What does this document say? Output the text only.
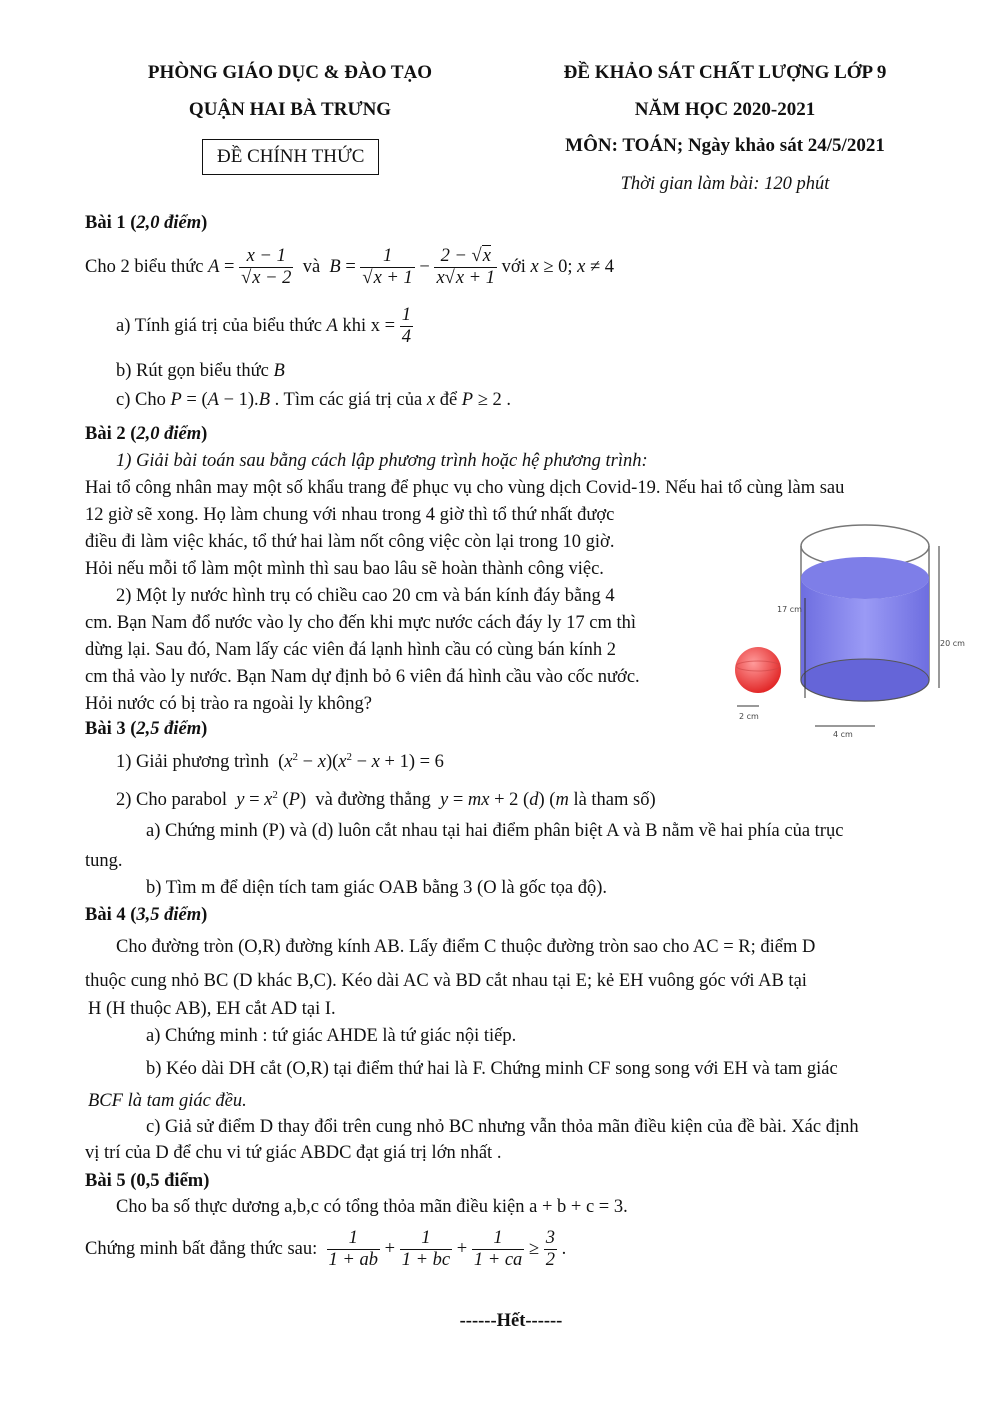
PHÒNG GIÁO DỤC & ĐÀO TẠO
QUẬN HAI BÀ TRƯNG
ĐỀ CHÍNH THỨC
ĐỀ KHẢO SÁT CHẤT LƯỢNG LỚP 9
NĂM HỌC 2020-2021
MÔN: TOÁN; Ngày khảo sát 24/5/2021
Thời gian làm bài: 120 phút
Bài 1 (2,0 điểm)
Cho 2 biểu thức $A = \frac{x - 1}{√x - 2}$ và $B = \frac{1}{√x + 1} - \frac{2 - √x}{x√x + 1}$ với x ≥ 0; x ≠ 4
a) Tính giá trị của biểu thức A khi $x = \frac{1}{4}$
b) Rút gọn biểu thức B
c) Cho P = (A − 1).B . Tìm các giá trị của x để P ≥ 2 .
Bài 2 (2,0 điểm)
1) Giải bài toán sau bằng cách lập phương trình hoặc hệ phương trình:
Hai tổ công nhân may một số khẩu trang để phục vụ cho vùng dịch Covid-19. Nếu hai tổ cùng làm sau
12 giờ sẽ xong. Họ làm chung với nhau trong 4 giờ thì tổ thứ nhất được
điều đi làm việc khác, tổ thứ hai làm nốt công việc còn lại trong 10 giờ.
Hỏi nếu mỗi tổ làm một mình thì sau bao lâu sẽ hoàn thành công việc.
2) Một ly nước hình trụ có chiều cao 20 cm và bán kính đáy bằng 4
cm. Bạn Nam đổ nước vào ly cho đến khi mực nước cách đáy ly 17 cm thì
dừng lại. Sau đó, Nam lấy các viên đá lạnh hình cầu có cùng bán kính 2
cm thả vào ly nước. Bạn Nam dự định bỏ 6 viên đá hình cầu vào cốc nước.
Hỏi nước có bị trào ra ngoài ly không?
17 cm
20 cm
2 cm
4 cm
Bài 3 (2,5 điểm)
1) Giải phương trình  $(x^2 - x)(x^2 - x + 1) = 6$
2) Cho parabol $y = x^2$ (P)  và đường thẳng y = mx + 2 (d) (m là tham số)
a) Chứng minh (P) và (d) luôn cắt nhau tại hai điểm phân biệt A và B nằm về hai phía của trục
tung.
b) Tìm m để diện tích tam giác OAB bằng 3 (O là gốc tọa độ).
Bài 4 (3,5 điểm)
Cho đường tròn (O,R) đường kính AB. Lấy điểm C thuộc đường tròn sao cho AC = R; điểm D
thuộc cung nhỏ BC (D khác B,C). Kéo dài AC và BD cắt nhau tại E; kẻ EH vuông góc với AB tại
H (H thuộc AB), EH cắt AD tại I.
a) Chứng minh : tứ giác AHDE là tứ giác nội tiếp.
b) Kéo dài DH cắt (O,R) tại điểm thứ hai là F. Chứng minh CF song song với EH và tam giác
BCF là tam giác đều.
c) Giả sử điểm D thay đổi trên cung nhỏ BC nhưng vẫn thỏa mãn điều kiện của đề bài. Xác định
vị trí của D để chu vi tứ giác ABDC đạt giá trị lớn nhất .
Bài 5 (0,5 điểm)
Cho ba số thực dương a,b,c có tổng thỏa mãn điều kiện a + b + c = 3.
Chứng minh bất đẳng thức sau: $\frac{1}{1 + ab} + \frac{1}{1 + bc} + \frac{1}{1 + ca} \ge \frac{3}{2}$ .
------Hết------
